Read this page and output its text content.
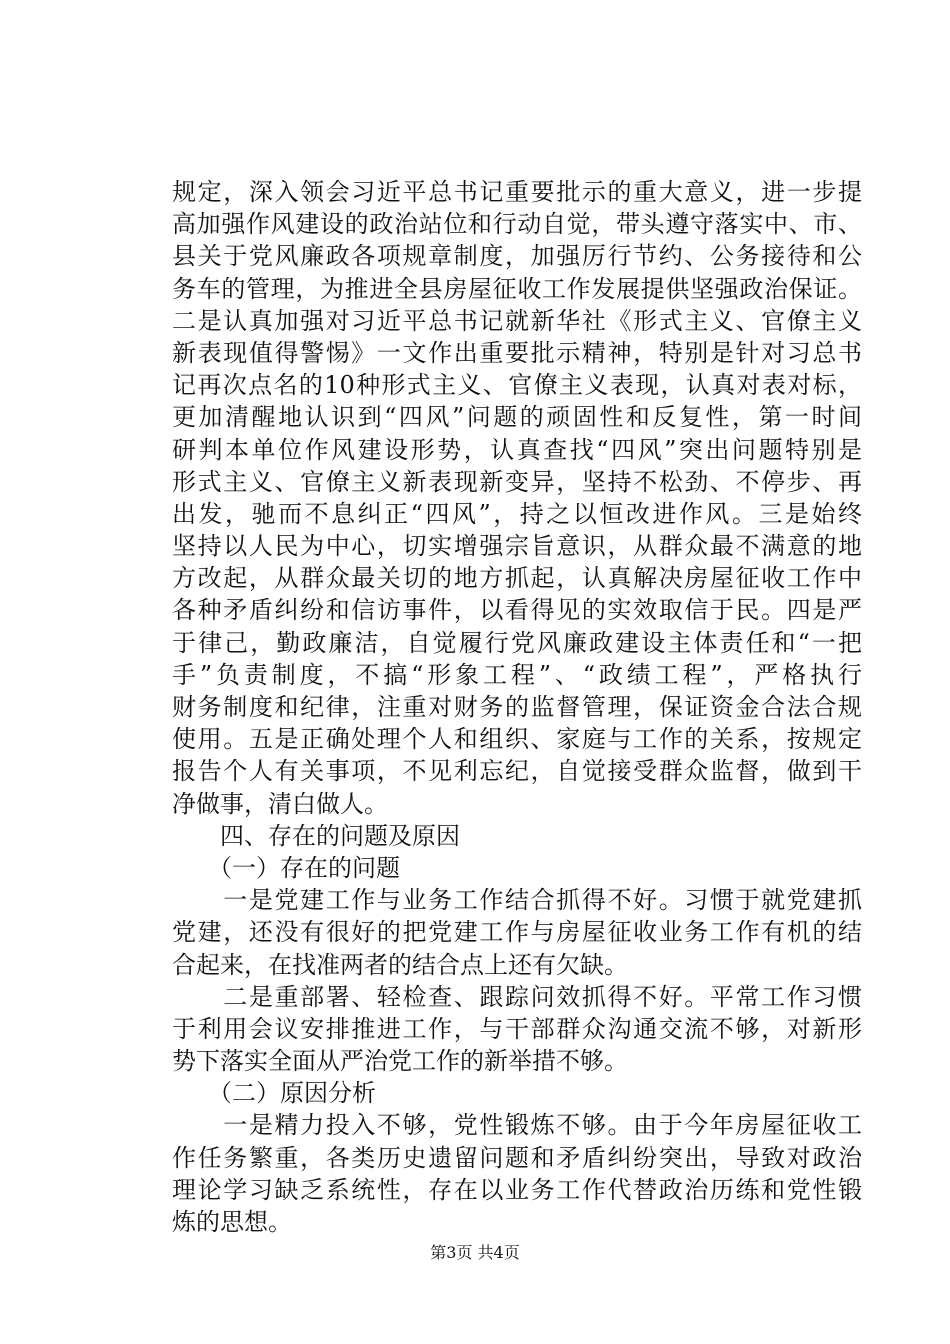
规定，深入领会习近平总书记重要批示的重大意义，进一步提
高加强作风建设的政治站位和行动自觉，带头遵守落实中、市、
县关于党风廉政各项规章制度，加强厉行节约、公务接待和公
务车的管理，为推进全县房屋征收工作发展提供坚强政治保证。
二是认真加强对习近平总书记就新华社《形式主义、官僚主义
新表现值得警惕》一文作出重要批示精神，特别是针对习总书
记再次点名的10种形式主义、官僚主义表现，认真对表对标，
更加清醒地认识到“四风”问题的顽固性和反复性，第一时间
研判本单位作风建设形势，认真查找“四风”突出问题特别是
形式主义、官僚主义新表现新变异，坚持不松劲、不停步、再
出发，驰而不息纠正“四风”，持之以恒改进作风。三是始终
坚持以人民为中心，切实增强宗旨意识，从群众最不满意的地
方改起，从群众最关切的地方抓起，认真解决房屋征收工作中
各种矛盾纠纷和信访事件，以看得见的实效取信于民。四是严
于律己，勤政廉洁，自觉履行党风廉政建设主体责任和“一把
手”负责制度，不搞“形象工程”、“政绩工程”，严格执行
财务制度和纪律，注重对财务的监督管理，保证资金合法合规
使用。五是正确处理个人和组织、家庭与工作的关系，按规定
报告个人有关事项，不见利忘纪，自觉接受群众监督，做到干
净做事，清白做人。
　　四、存在的问题及原因
　　（一）存在的问题
　　一是党建工作与业务工作结合抓得不好。习惯于就党建抓
党建，还没有很好的把党建工作与房屋征收业务工作有机的结
合起来，在找准两者的结合点上还有欠缺。
　　二是重部署、轻检查、跟踪问效抓得不好。平常工作习惯
于利用会议安排推进工作，与干部群众沟通交流不够，对新形
势下落实全面从严治党工作的新举措不够。
　　（二）原因分析
　　一是精力投入不够，党性锻炼不够。由于今年房屋征收工
作任务繁重，各类历史遗留问题和矛盾纠纷突出，导致对政治
理论学习缺乏系统性，存在以业务工作代替政治历练和党性锻
炼的思想。
第3页 共4页
